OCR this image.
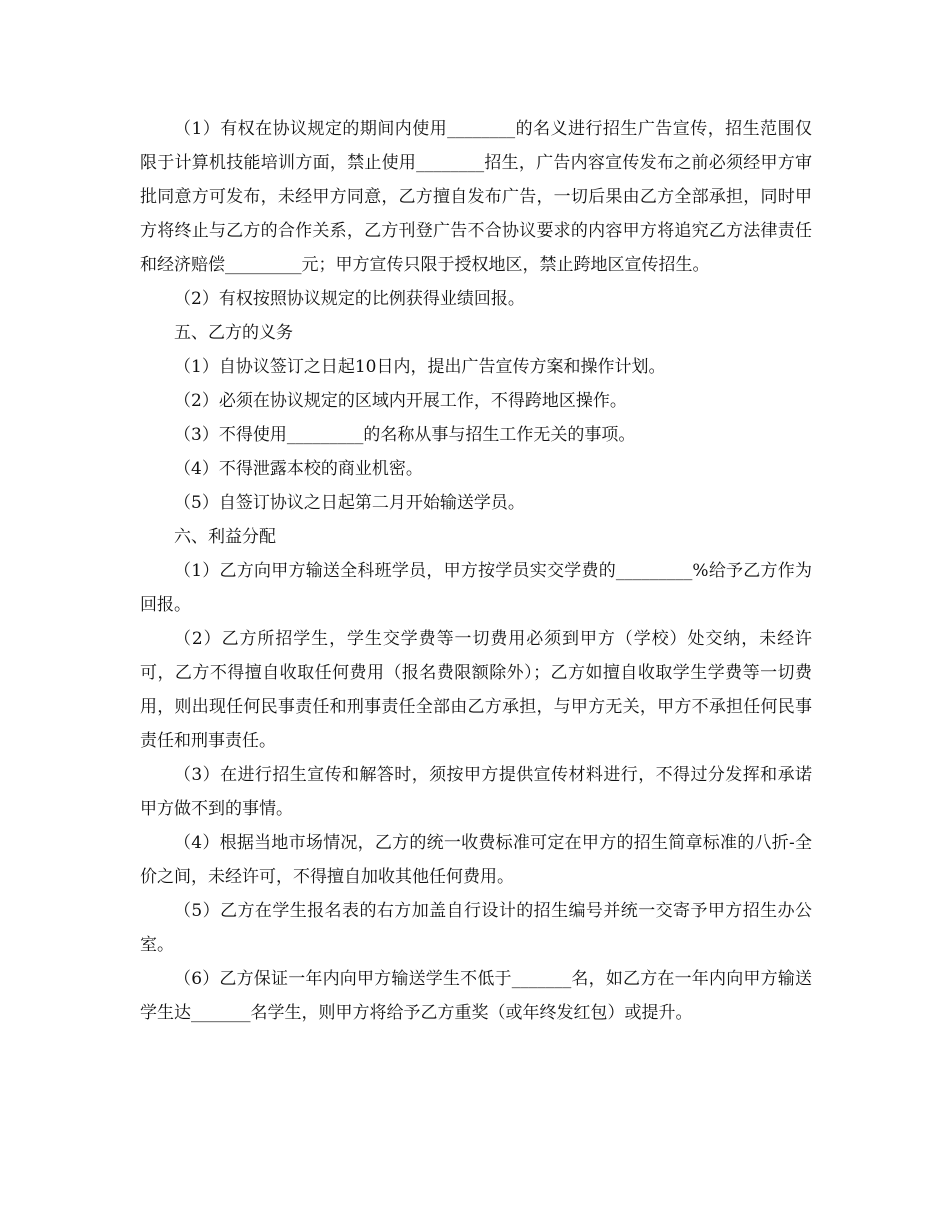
（1）有权在协议规定的期间内使用________的名义进行招生广告宣传，招生范围仅限于计算机技能培训方面，禁止使用________招生，广告内容宣传发布之前必须经甲方审批同意方可发布，未经甲方同意，乙方擅自发布广告，一切后果由乙方全部承担，同时甲方将终止与乙方的合作关系，乙方刊登广告不合协议要求的内容甲方将追究乙方法律责任和经济赔偿_________元；甲方宣传只限于授权地区，禁止跨地区宣传招生。

（2）有权按照协议规定的比例获得业绩回报。

五、乙方的义务

（1）自协议签订之日起10日内，提出广告宣传方案和操作计划。

（2）必须在协议规定的区域内开展工作，不得跨地区操作。

（3）不得使用_________的名称从事与招生工作无关的事项。

（4）不得泄露本校的商业机密。

（5）自签订协议之日起第二月开始输送学员。

六、利益分配

（1）乙方向甲方输送全科班学员，甲方按学员实交学费的_________%给予乙方作为回报。

（2）乙方所招学生，学生交学费等一切费用必须到甲方（学校）处交纳，未经许可，乙方不得擅自收取任何费用（报名费限额除外）；乙方如擅自收取学生学费等一切费用，则出现任何民事责任和刑事责任全部由乙方承担，与甲方无关，甲方不承担任何民事责任和刑事责任。

（3）在进行招生宣传和解答时，须按甲方提供宣传材料进行，不得过分发挥和承诺甲方做不到的事情。

（4）根据当地市场情况，乙方的统一收费标准可定在甲方的招生简章标准的八折-全价之间，未经许可，不得擅自加收其他任何费用。

（5）乙方在学生报名表的右方加盖自行设计的招生编号并统一交寄予甲方招生办公室。

（6）乙方保证一年内向甲方输送学生不低于_______名，如乙方在一年内向甲方输送学生达_______名学生，则甲方将给予乙方重奖（或年终发红包）或提升。
